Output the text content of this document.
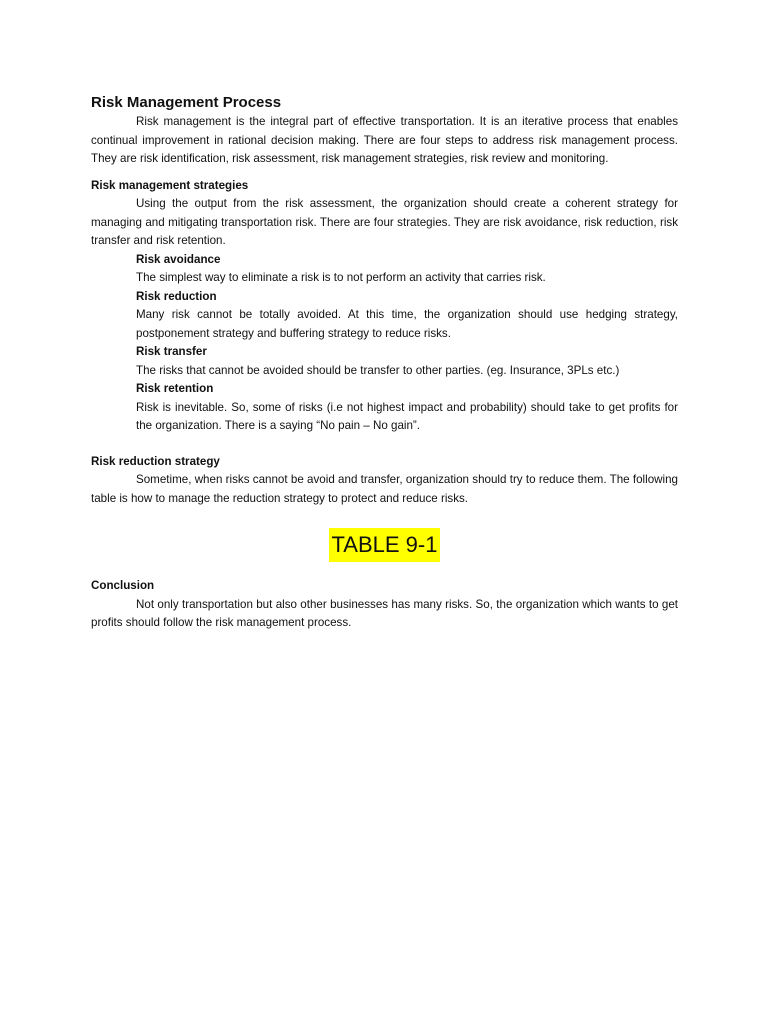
Risk Management Process

Risk management is the integral part of effective transportation. It is an iterative process that enables continual improvement in rational decision making. There are four steps to address risk management process. They are risk identification, risk assessment, risk management strategies, risk review and monitoring.

Risk management strategies

Using the output from the risk assessment, the organization should create a coherent strategy for managing and mitigating transportation risk. There are four strategies. They are risk avoidance, risk reduction, risk transfer and risk retention.

Risk avoidance

The simplest way to eliminate a risk is to not perform an activity that carries risk.

Risk reduction

Many risk cannot be totally avoided. At this time, the organization should use hedging strategy, postponement strategy and buffering strategy to reduce risks.

Risk transfer

The risks that cannot be avoided should be transfer to other parties. (eg. Insurance, 3PLs etc.)

Risk retention

Risk is inevitable. So, some of risks (i.e not highest impact and probability) should take to get profits for the organization. There is a saying “No pain – No gain”.

Risk reduction strategy

Sometime, when risks cannot be avoid and transfer, organization should try to reduce them. The following table is how to manage the reduction strategy to protect and reduce risks.

TABLE 9-1
Conclusion

Not only transportation but also other businesses has many risks. So, the organization which wants to get profits should follow the risk management process.
